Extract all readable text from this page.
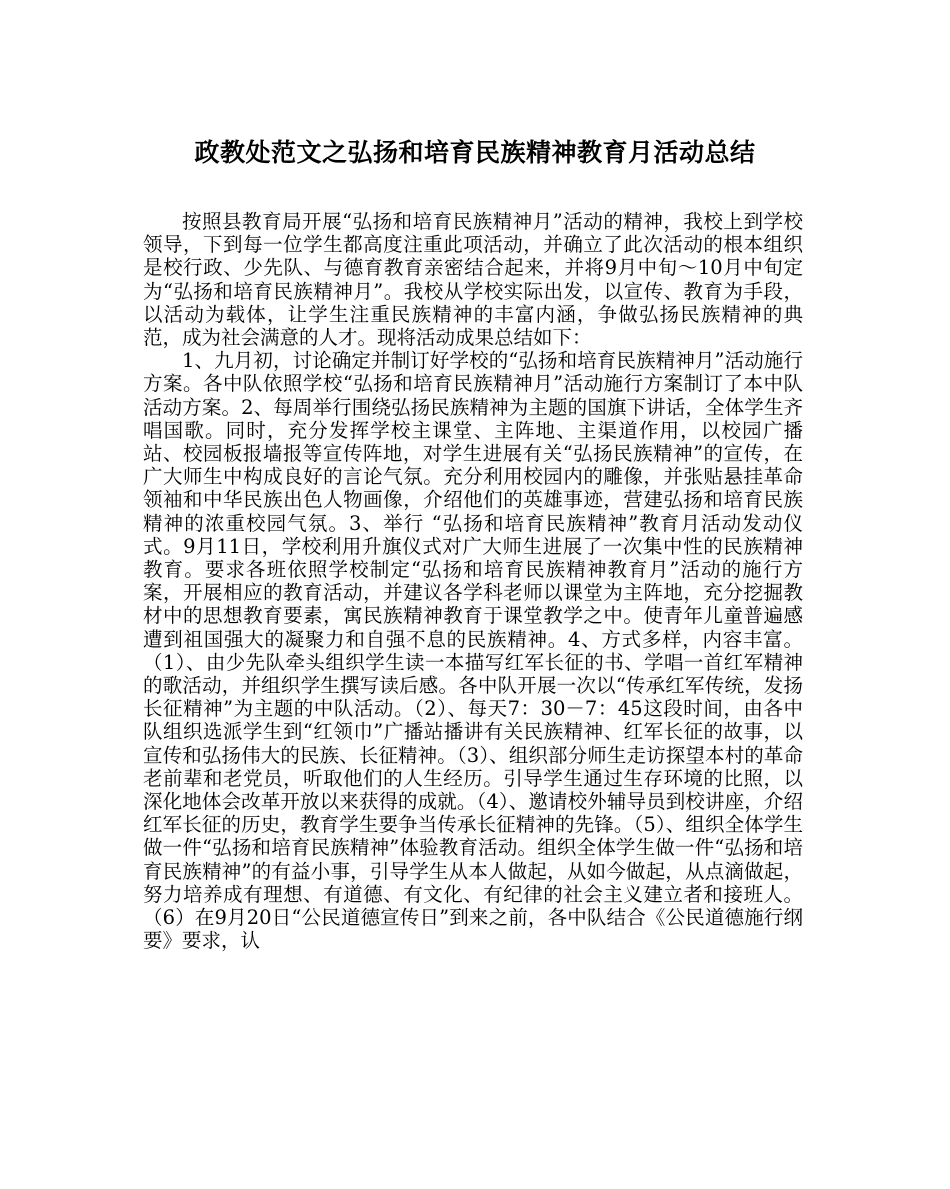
政教处范文之弘扬和培育民族精神教育月活动总结

按照县教育局开展“弘扬和培育民族精神月”活动的精神，我校上到学校领导，下到每一位学生都高度注重此项活动，并确立了此次活动的根本组织是校行政、少先队、与德育教育亲密结合起来，并将9月中旬～10月中旬定为“弘扬和培育民族精神月”。我校从学校实际出发，以宣传、教育为手段，以活动为载体，让学生注重民族精神的丰富内涵，争做弘扬民族精神的典范，成为社会满意的人才。现将活动成果总结如下：

1、九月初，讨论确定并制订好学校的“弘扬和培育民族精神月”活动施行方案。各中队依照学校“弘扬和培育民族精神月”活动施行方案制订了本中队活动方案。2、每周举行围绕弘扬民族精神为主题的国旗下讲话，全体学生齐唱国歌。同时，充分发挥学校主课堂、主阵地、主渠道作用，以校园广播站、校园板报墙报等宣传阵地，对学生进展有关“弘扬民族精神”的宣传，在广大师生中构成良好的言论气氛。充分利用校园内的雕像，并张贴悬挂革命领袖和中华民族出色人物画像，介绍他们的英雄事迹，营建弘扬和培育民族精神的浓重校园气氛。3、举行 “弘扬和培育民族精神”教育月活动发动仪式。9月11日，学校利用升旗仪式对广大师生进展了一次集中性的民族精神教育。要求各班依照学校制定“弘扬和培育民族精神教育月”活动的施行方案，开展相应的教育活动，并建议各学科老师以课堂为主阵地，充分挖掘教材中的思想教育要素，寓民族精神教育于课堂教学之中。使青年儿童普遍感遭到祖国强大的凝聚力和自强不息的民族精神。4、方式多样，内容丰富。（1）、由少先队牵头组织学生读一本描写红军长征的书、学唱一首红军精神的歌活动，并组织学生撰写读后感。各中队开展一次以“传承红军传统，发扬长征精神”为主题的中队活动。（2）、每天7：30－7：45这段时间，由各中队组织选派学生到“红领巾”广播站播讲有关民族精神、红军长征的故事，以宣传和弘扬伟大的民族、长征精神。（3）、组织部分师生走访探望本村的革命老前辈和老党员，听取他们的人生经历。引导学生通过生存环境的比照，以深化地体会改革开放以来获得的成就。（4）、邀请校外辅导员到校讲座，介绍红军长征的历史，教育学生要争当传承长征精神的先锋。（5）、组织全体学生做一件“弘扬和培育民族精神”体验教育活动。组织全体学生做一件“弘扬和培育民族精神”的有益小事，引导学生从本人做起，从如今做起，从点滴做起，努力培养成有理想、有道德、有文化、有纪律的社会主义建立者和接班人。（6）在9月20日“公民道德宣传日”到来之前，各中队结合《公民道德施行纲要》要求，认
